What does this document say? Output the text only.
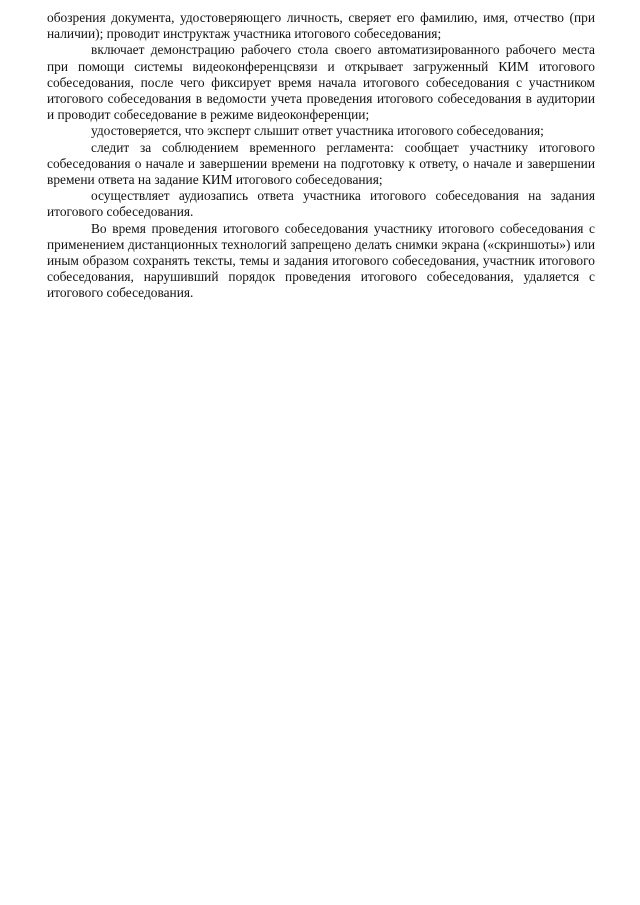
обозрения документа, удостоверяющего личность, сверяет его фамилию, имя, отчество (при наличии); проводит инструктаж участника итогового собеседования;

включает демонстрацию рабочего стола своего автоматизированного рабочего места при помощи системы видеоконференцсвязи и открывает загруженный КИМ итогового собеседования, после чего фиксирует время начала итогового собеседования с участником итогового собеседования в ведомости учета проведения итогового собеседования в аудитории и проводит собеседование в режиме видеоконференции;

удостоверяется, что эксперт слышит ответ участника итогового собеседования;

следит за соблюдением временного регламента: сообщает участнику итогового собеседования о начале и завершении времени на подготовку к ответу, о начале и завершении времени ответа на задание КИМ итогового собеседования;

осуществляет аудиозапись ответа участника итогового собеседования на задания итогового собеседования.

Во время проведения итогового собеседования участнику итогового собеседования с применением дистанционных технологий запрещено делать снимки экрана («скриншоты») или иным образом сохранять тексты, темы и задания итогового собеседования, участник итогового собеседования, нарушивший порядок проведения итогового собеседования, удаляется с итогового собеседования.
